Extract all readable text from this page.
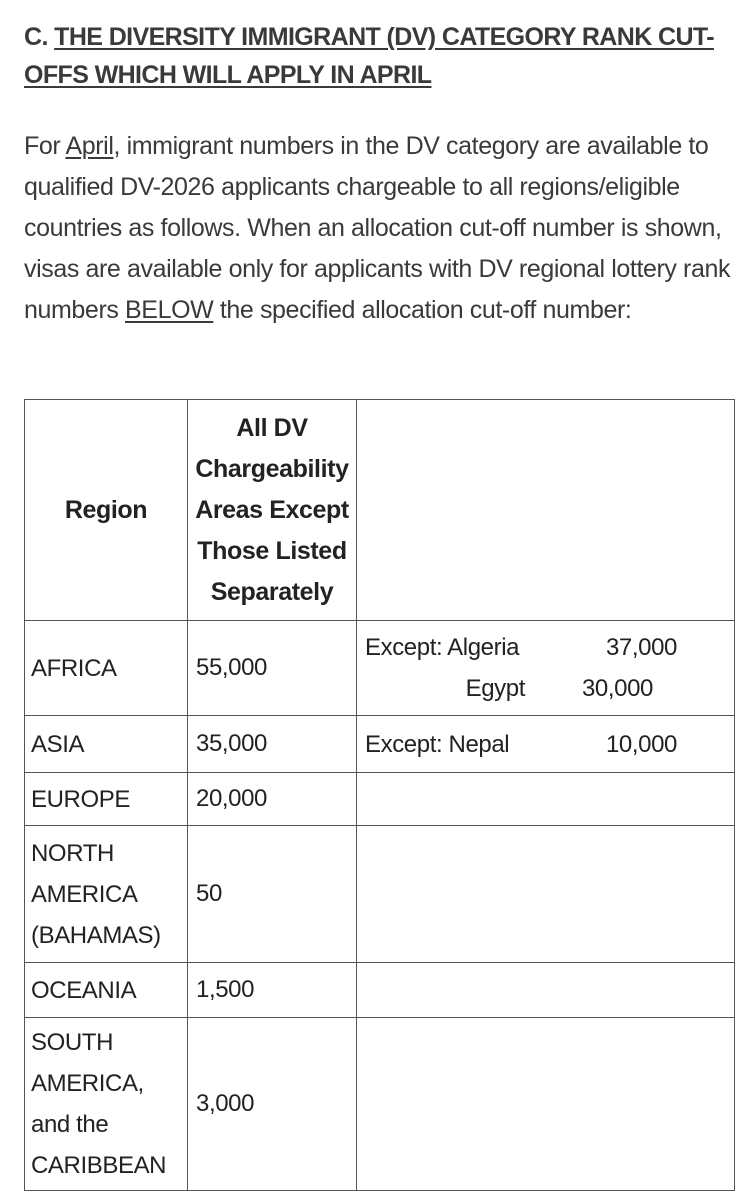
C. THE DIVERSITY IMMIGRANT (DV) CATEGORY RANK CUT-OFFS WHICH WILL APPLY IN APRIL

For April, immigrant numbers in the DV category are available to qualified DV-2026 applicants chargeable to all regions/eligible countries as follows. When an allocation cut-off number is shown, visas are available only for applicants with DV regional lottery rank numbers BELOW the specified allocation cut-off number:

Region	All DV Chargeability Areas Except Those Listed Separately	
AFRICA	55,000	Except: Algeria 37,000
Egypt 30,000

ASIA	35,000	Except: Nepal 10,000

EUROPE	20,000	
NORTH AMERICA (BAHAMAS)	50	
OCEANIA	1,500	
SOUTH AMERICA, and the CARIBBEAN	3,000	
